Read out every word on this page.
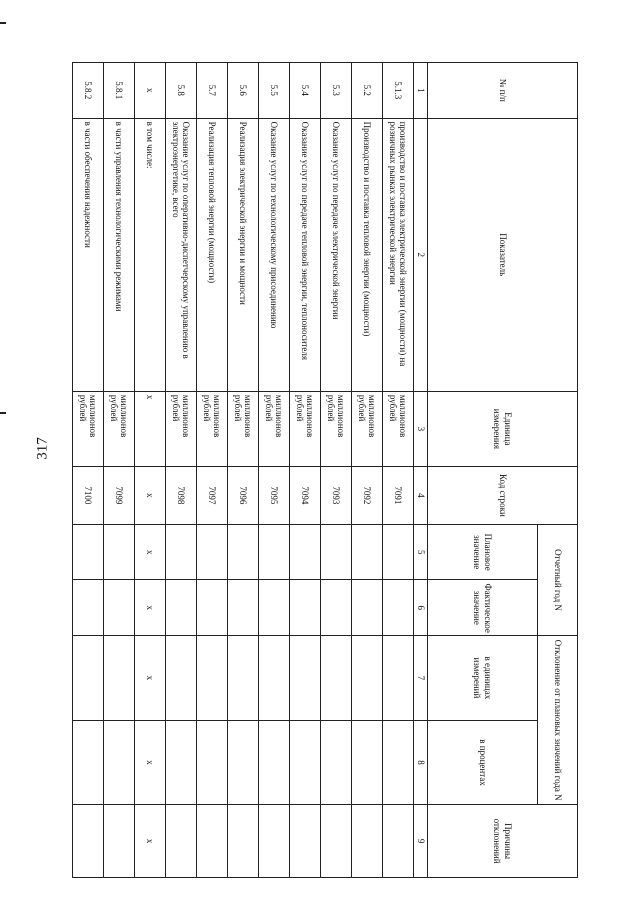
317
№ п/п	Показатель	Единица измерения	Код строки	Отчетный год N		Отклонение от плановых значений года N		Причины отклонений
				Плановое значение	Фактическое значение	в единицах измерений	в процентах	
1	2	3	4	5	6	7	8	9
5.1.3	производство и поставка электрической энергии (мощности) на розничных рынках электрической энергии	миллионов рублей	7091					
5.2	Производство и поставка тепловой энергии (мощности)	миллионов рублей	7092					
5.3	Оказание услуг по передаче электрической энергии	миллионов рублей	7093					
5.4	Оказание услуг по передаче тепловой энергии, теплоносителя	миллионов рублей	7094					
5.5	Оказание услуг по технологическому присоединению	миллионов рублей	7095					
5.6	Реализация электрической энергии и мощности	миллионов рублей	7096					
5.7	Реализация тепловой энергии (мощности)	миллионов рублей	7097					
5.8	Оказание услуг по оперативно-диспетчерскому управлению в электроэнергетике, всего	миллионов рублей	7098					
x	в том числе:	x	x	x	x	x	x	x
5.8.1	в части управления технологическими режимами	миллионов рублей	7099					
5.8.2	в части обеспечения надежности	миллионов рублей	7100					
